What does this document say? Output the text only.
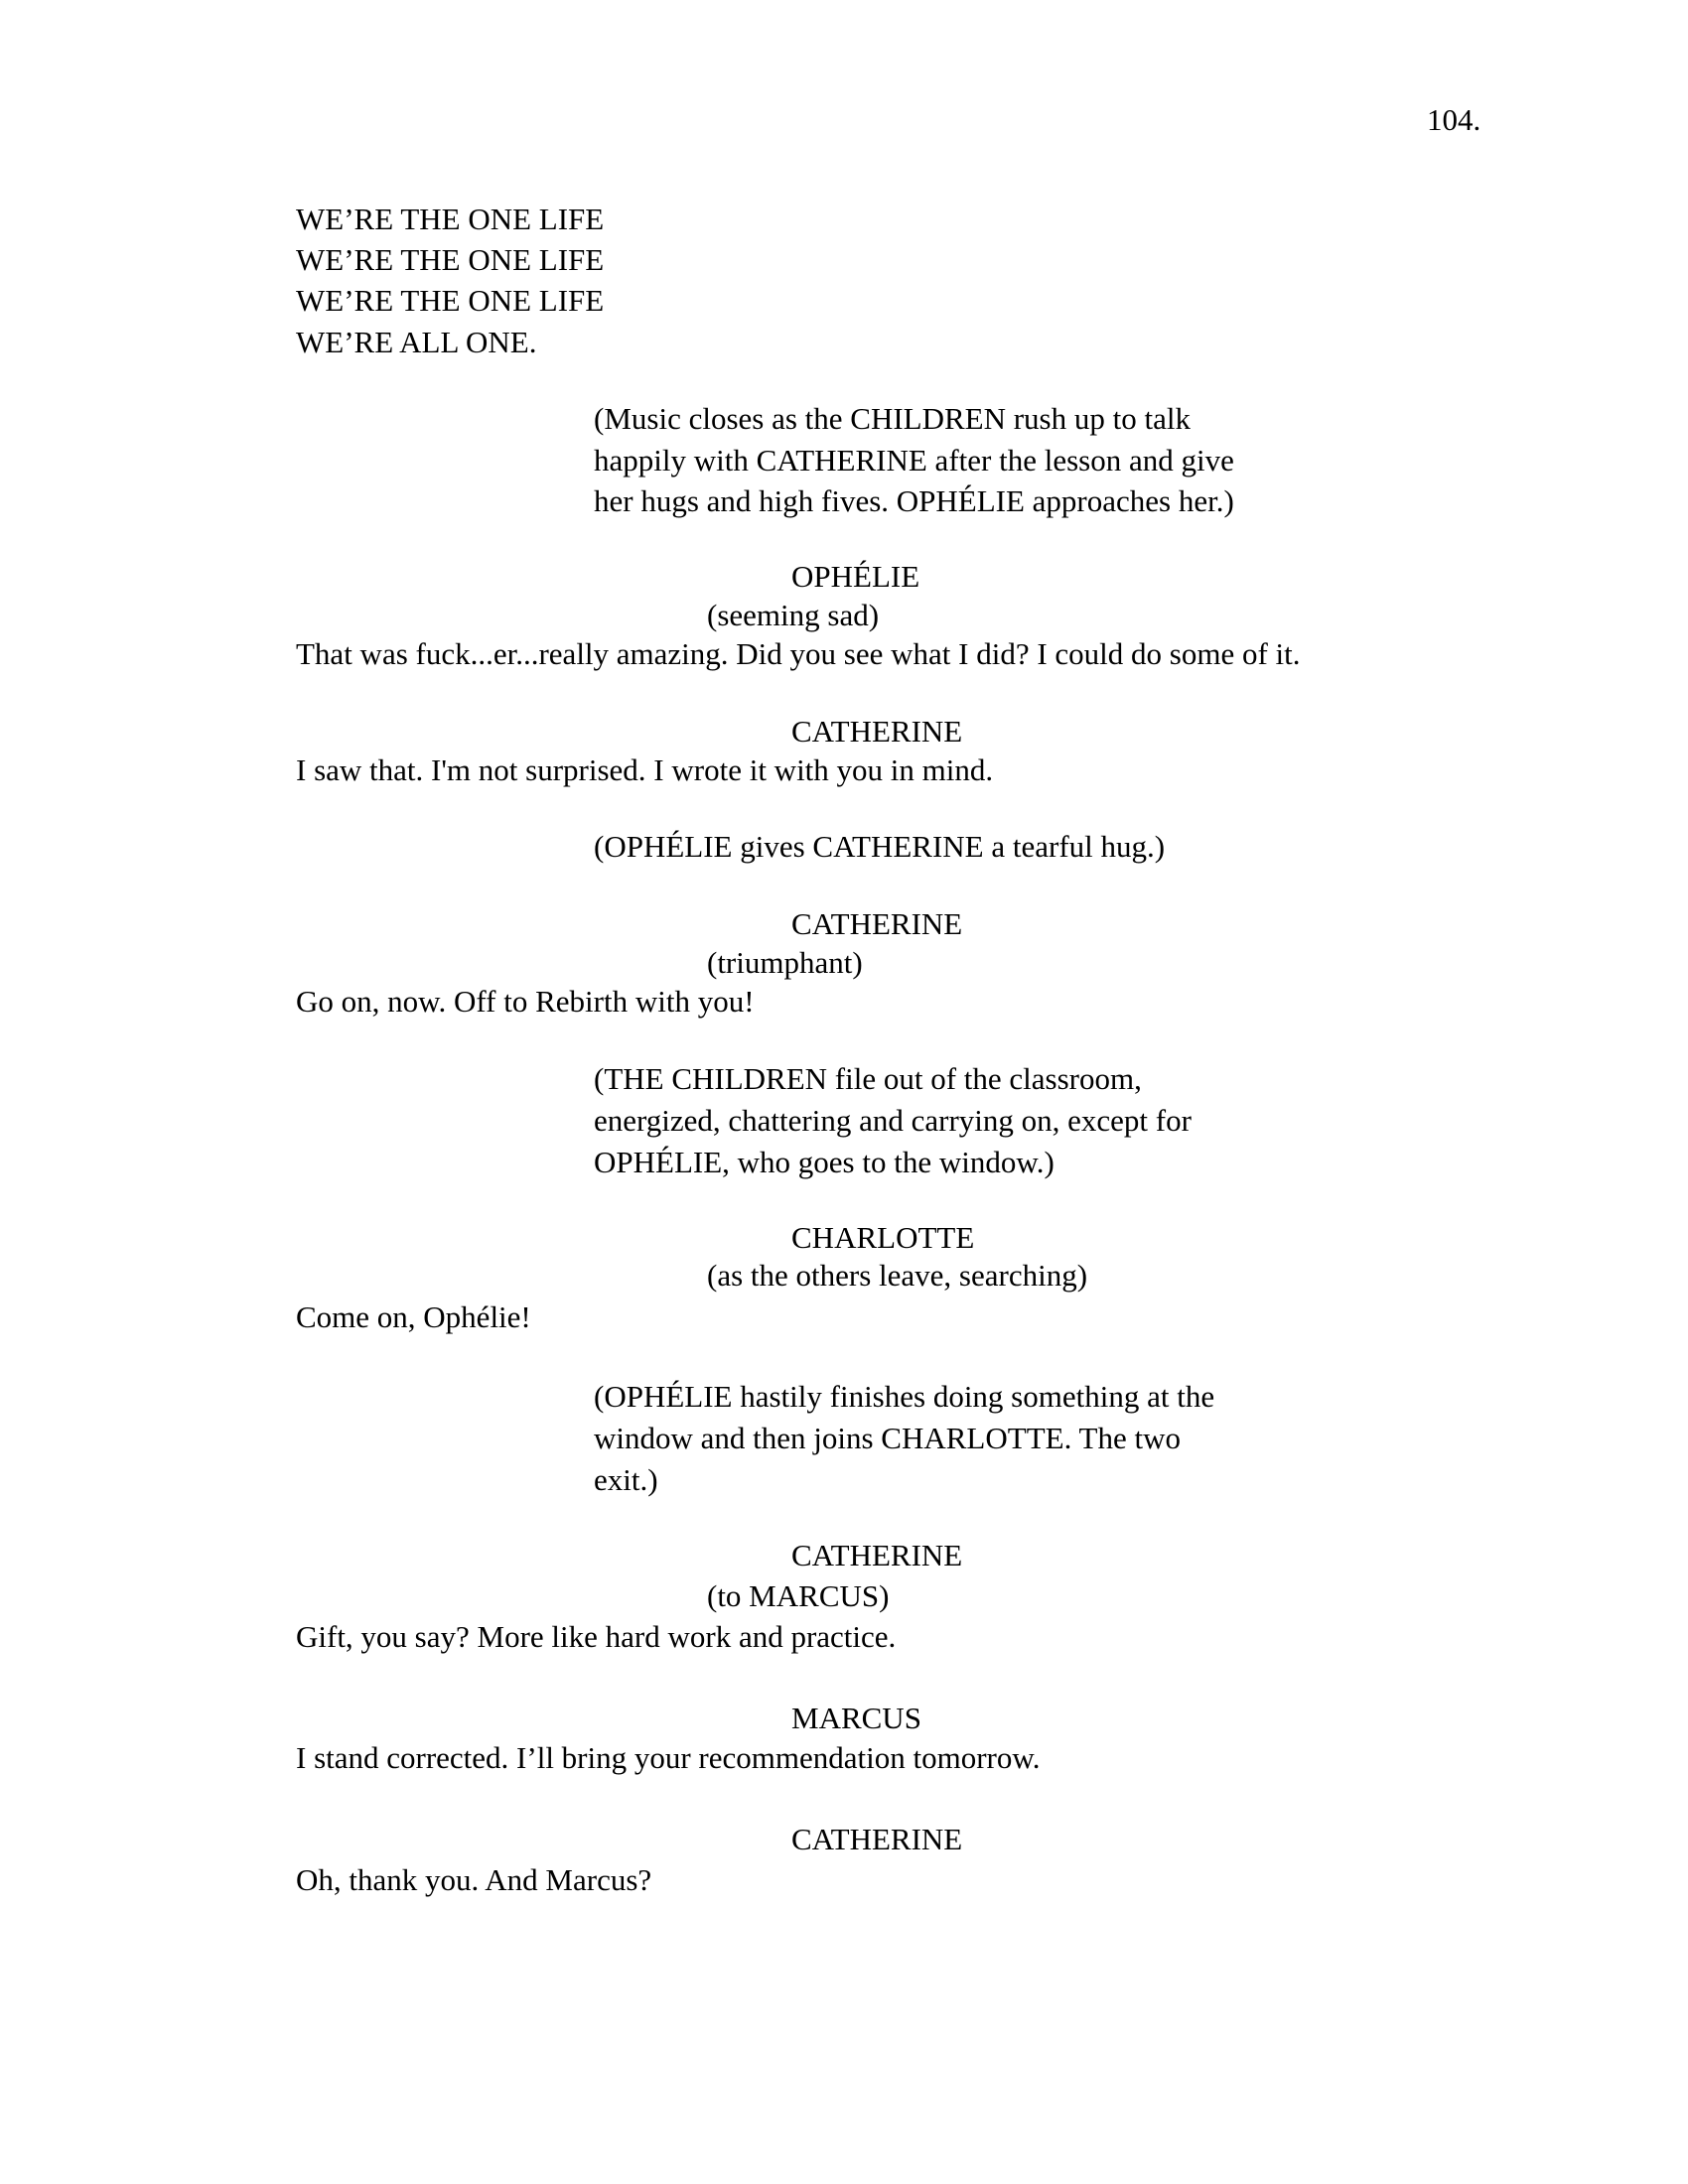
104.
WE’RE THE ONE LIFE
WE’RE THE ONE LIFE
WE’RE THE ONE LIFE
WE’RE ALL ONE.
(Music closes as the CHILDREN rush up to talk
happily with CATHERINE after the lesson and give
her hugs and high fives. OPHÉLIE approaches her.)
OPHÉLIE
(seeming sad)
That was fuck...er...really amazing. Did you see what I did? I could do some of it.
CATHERINE
I saw that. I'm not surprised. I wrote it with you in mind.
(OPHÉLIE gives CATHERINE a tearful hug.)
CATHERINE
(triumphant)
Go on, now. Off to Rebirth with you!
(THE CHILDREN file out of the classroom,
energized, chattering and carrying on, except for
OPHÉLIE, who goes to the window.)
CHARLOTTE
(as the others leave, searching)
Come on, Ophélie!
(OPHÉLIE hastily finishes doing something at the
window and then joins CHARLOTTE. The two
exit.)
CATHERINE
(to MARCUS)
Gift, you say? More like hard work and practice.
MARCUS
I stand corrected. I’ll bring your recommendation tomorrow.
CATHERINE
Oh, thank you. And Marcus?
